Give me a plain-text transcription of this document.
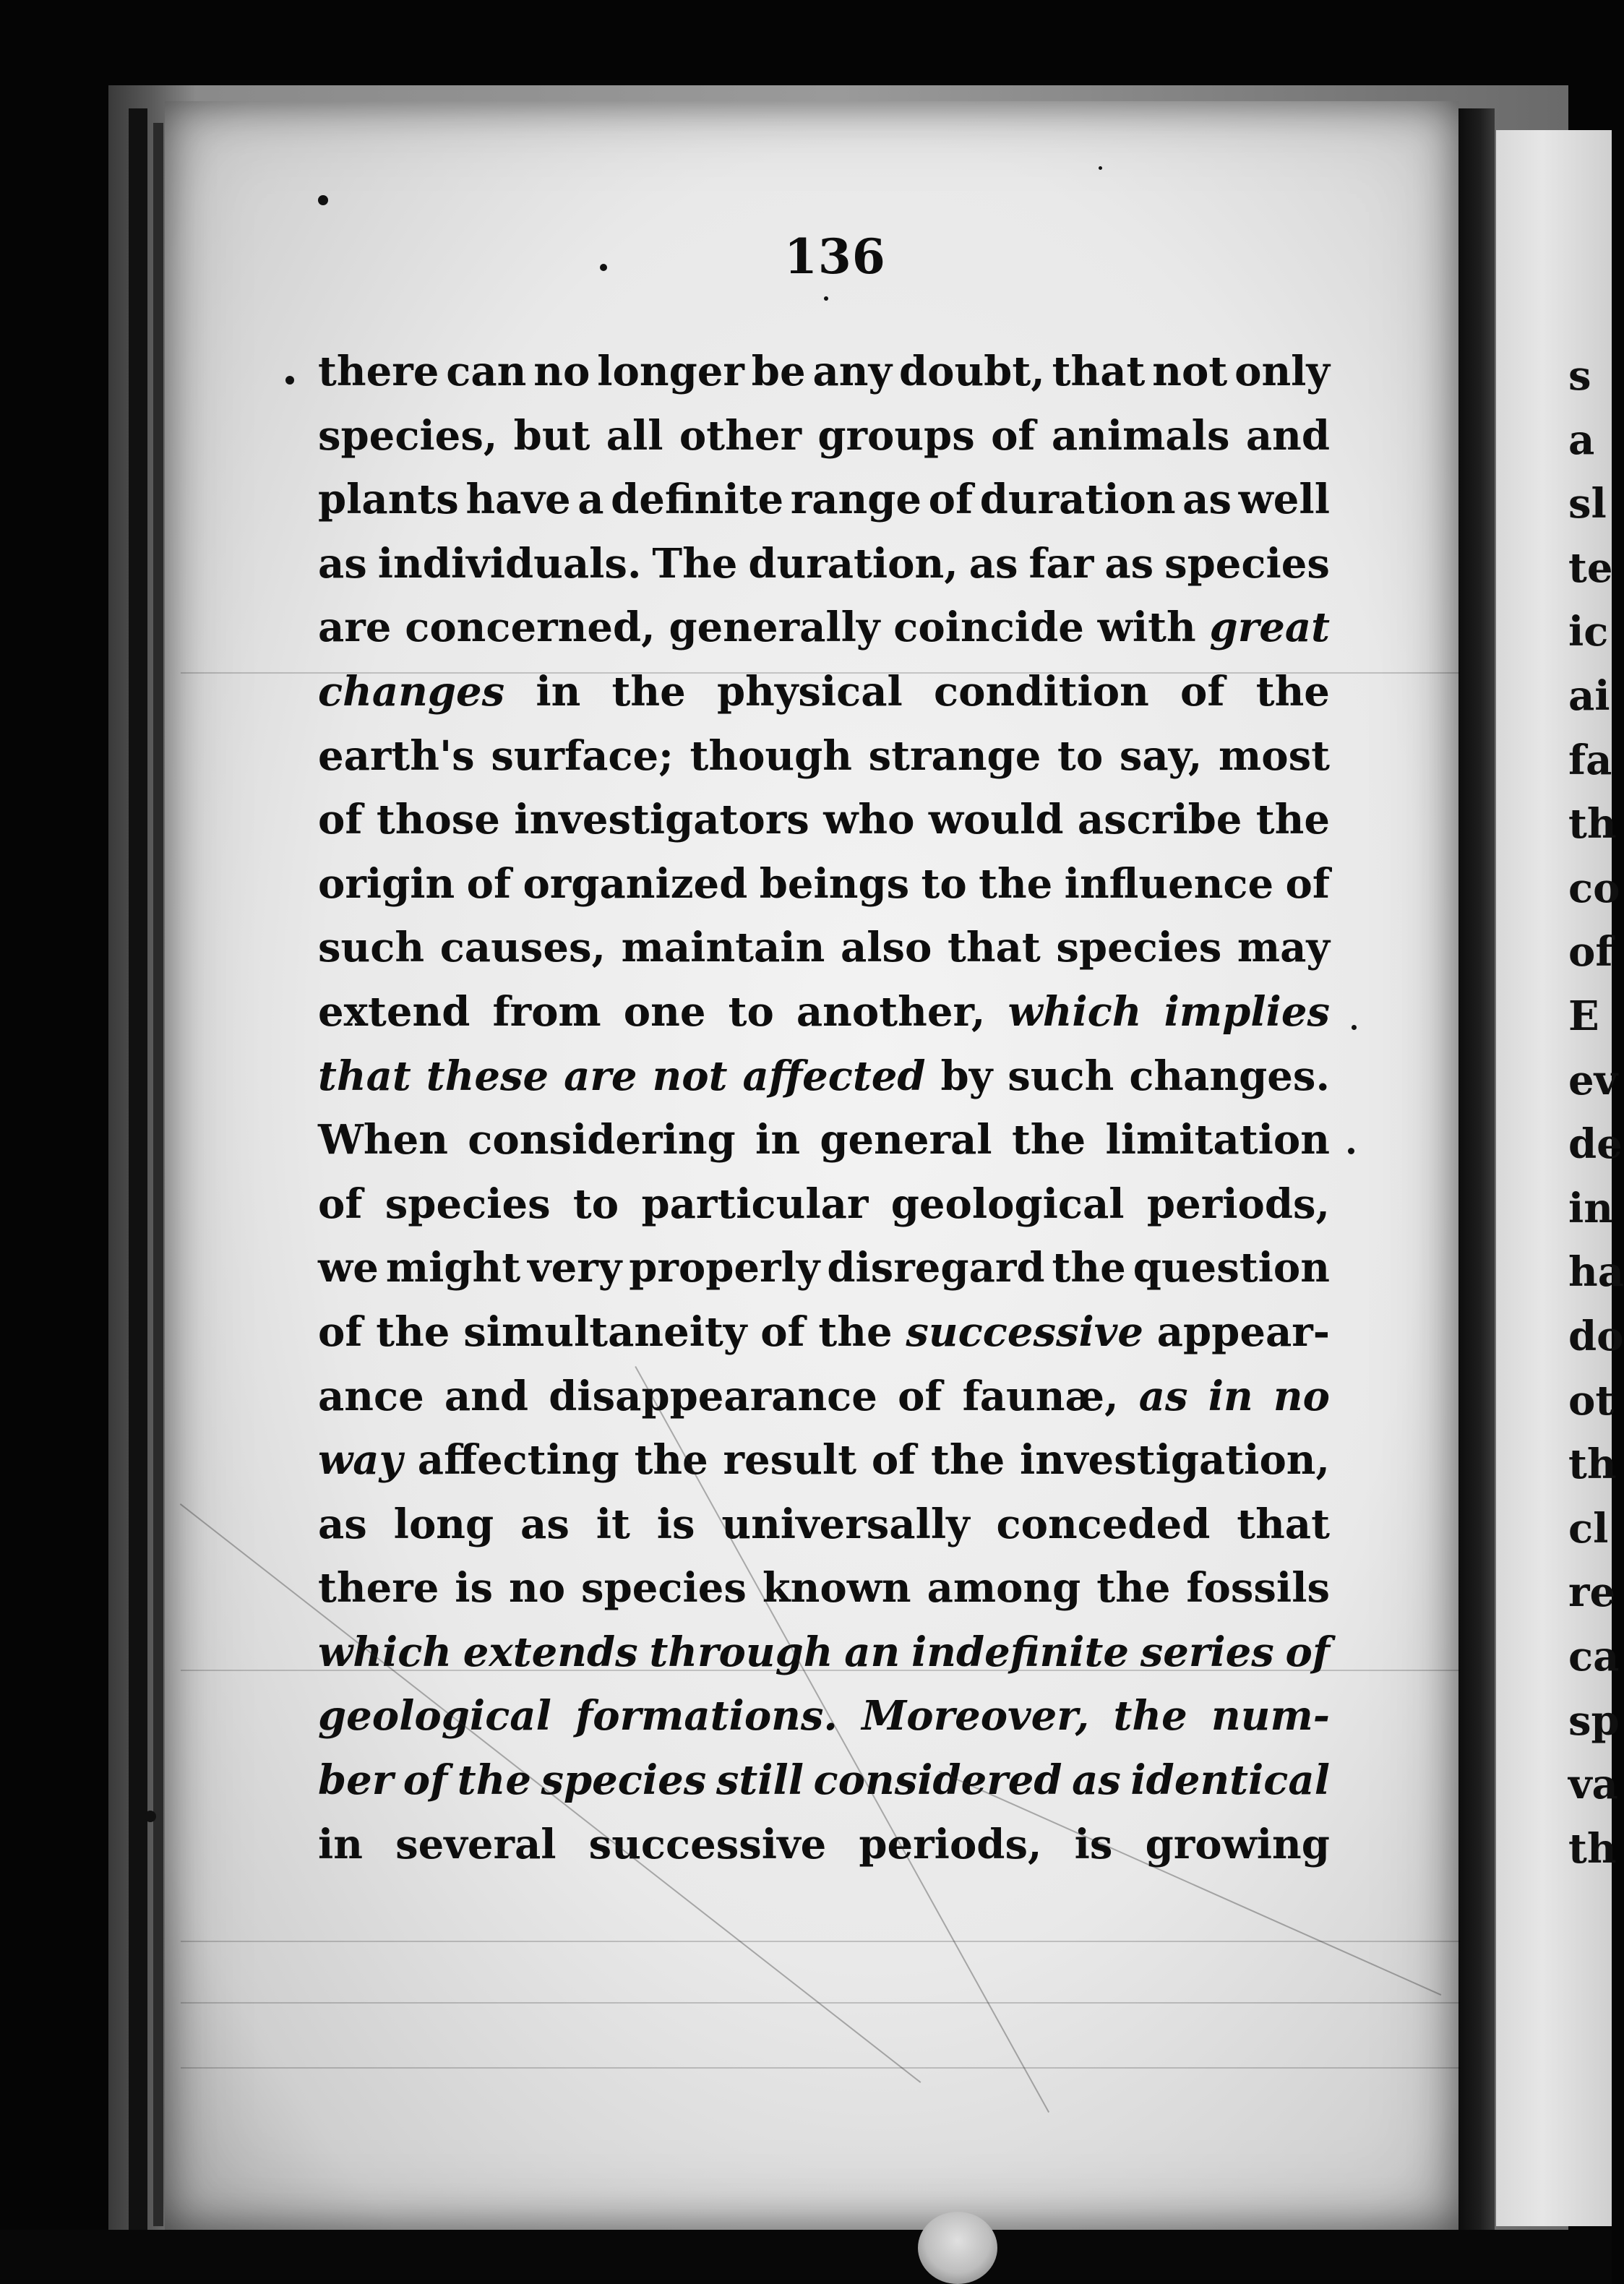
s
a
sl
te
ic
ai
fa
th
co
of
E
ev
de
in
ha
do
ot
th
cl
re
ca
sp
va
th
136
there can no longer be any doubt, that not only
species, but all other groups of animals and
plants have a definite range of duration as well
as individuals. The duration, as far as species
are concerned, generally coincide with great
changes in the physical condition of the
earth's surface; though strange to say, most
of those investigators who would ascribe the
origin of organized beings to the influence of
such causes, maintain also that species may
extend from one to another, which implies
that these are not affected by such changes.
When considering in general the limitation
of species to particular geological periods,
we might very properly disregard the question
of the simultaneity of the successive appear-
ance and disappearance of faunæ, as in no
way affecting the result of the investigation,
as long as it is universally conceded that
there is no species known among the fossils
which extends through an indefinite series of
geological formations. Moreover, the num-
ber of the species still considered as identical
in several successive periods, is growing
